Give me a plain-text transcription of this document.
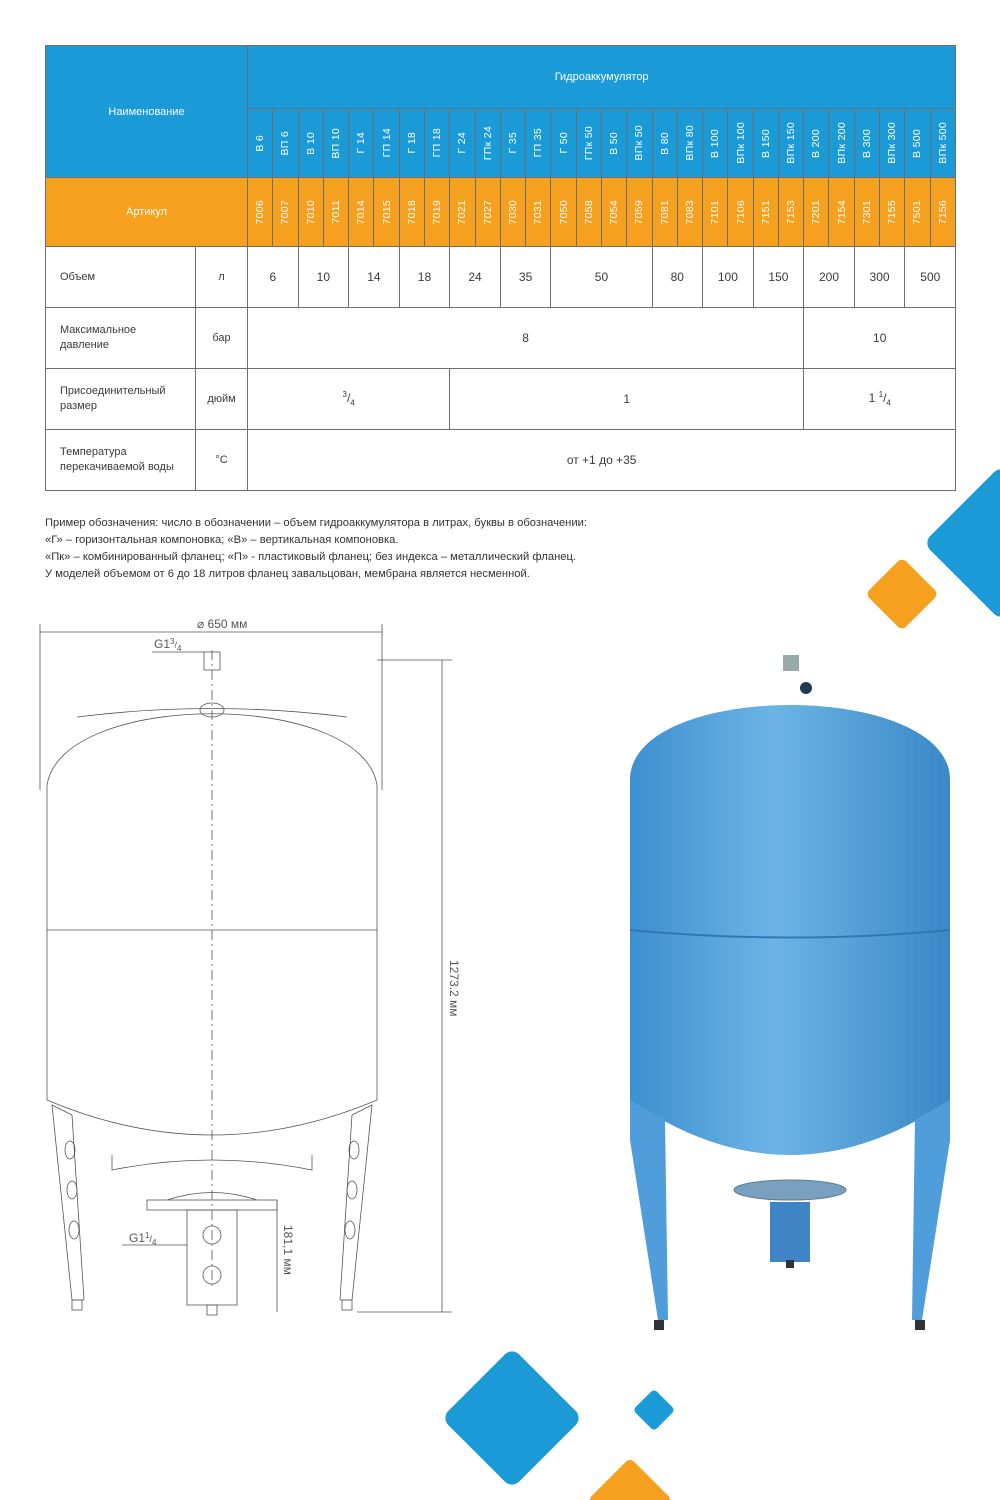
Наименование		Гидроаккумулятор																											

		В 6	ВП 6	В 10	ВП 10	Г 14	ГП 14	Г 18	ГП 18	Г 24	ГПк 24	Г 35	ГП 35	Г 50	ГПк 50	В 50	ВПк 50	В 80	ВПк 80	В 100	ВПк 100	В 150	ВПк 150	В 200	ВПк 200	В 300	ВПк 300	В 500	ВПк 500

Артикул		7006	7007	7010	7011	7014	7015	7018	7019	7021	7027	7030	7031	7050	7058	7054	7059	7081	7083	7101	7106	7151	7153	7201	7154	7301	7155	7501	7156

Объем	л	6		10		14		18		24		35		50				80		100		150		200		300		500	
Максимальное
давление	бар	8																						10					
Присоединительный
размер	дюйм	$^3/_4$								1														1 $^1/_4$
Температура
перекачиваемой воды	°C	от +1 до +35																											

Пример обозначения: число в обозначении – объем гидроаккумулятора в литрах, буквы в обозначении:

«Г» – горизонтальная компоновка; «В» – вертикальная компоновка.

«Пк» – комбинированный фланец; «П» - пластиковый фланец; без индекса – металлический фланец.

У моделей объемом от 6 до 18 литров фланец завальцован, мембрана является несменной.

⌀ 650 мм
$G1^3_{/4}$
1273.2 мм
$G1^1_{/4}$	181,1 мм
